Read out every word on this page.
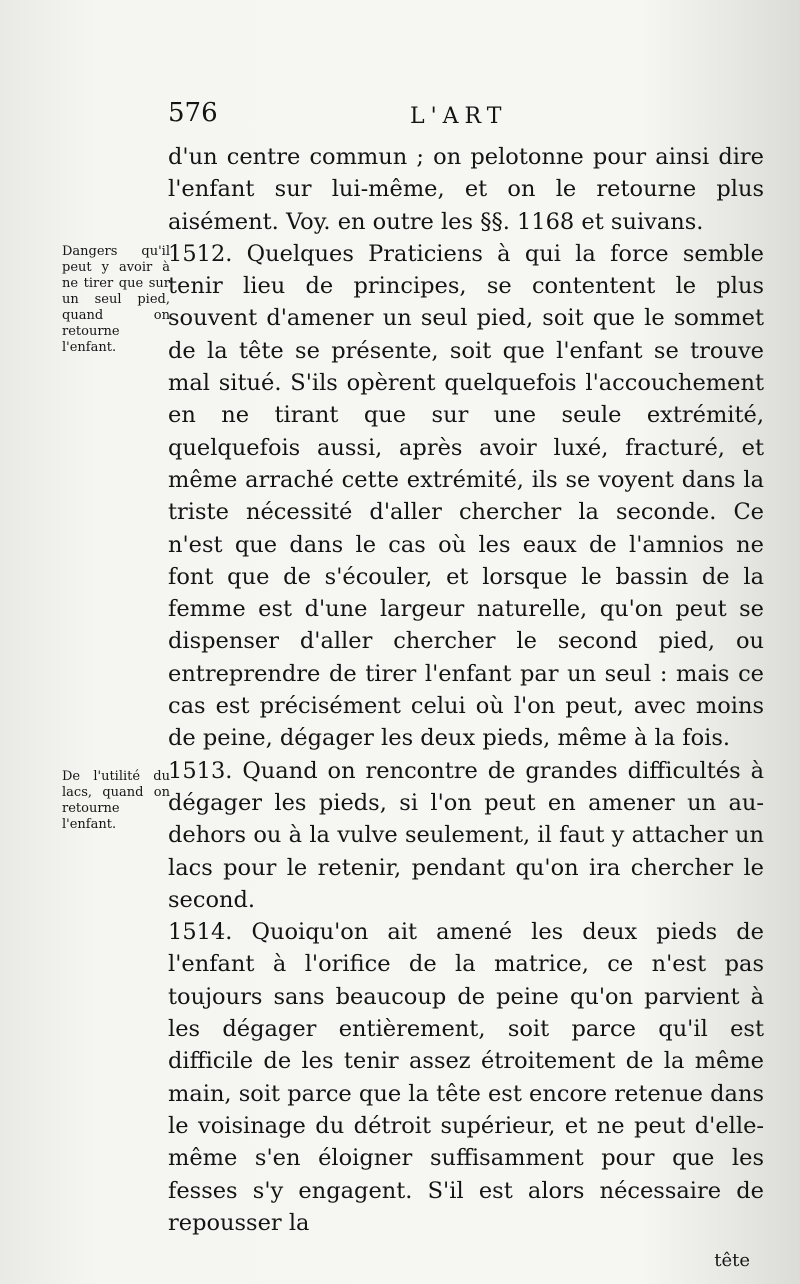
576	L'ART

d'un centre commun ; on pelotonne pour ainsi dire l'enfant sur lui-même, et on le retourne plus aisément. Voy. en outre les §§. 1168 et suivans.

1512. Quelques Praticiens à qui la force semble tenir lieu de principes, se contentent le plus souvent d'amener un seul pied, soit que le sommet de la tête se présente, soit que l'enfant se trouve mal situé. S'ils opèrent quelquefois l'accouchement en ne tirant que sur une seule extrémité, quelquefois aussi, après avoir luxé, fracturé, et même arraché cette extrémité, ils se voyent dans la triste nécessité d'aller chercher la seconde. Ce n'est que dans le cas où les eaux de l'amnios ne font que de s'écouler, et lorsque le bassin de la femme est d'une largeur naturelle, qu'on peut se dispenser d'aller chercher le second pied, ou entreprendre de tirer l'enfant par un seul : mais ce cas est précisément celui où l'on peut, avec moins de peine, dégager les deux pieds, même à la fois.

1513. Quand on rencontre de grandes difficultés à dégager les pieds, si l'on peut en amener un au-dehors ou à la vulve seulement, il faut y attacher un lacs pour le retenir, pendant qu'on ira chercher le second.

1514. Quoiqu'on ait amené les deux pieds de l'enfant à l'orifice de la matrice, ce n'est pas toujours sans beaucoup de peine qu'on parvient à les dégager entièrement, soit parce qu'il est difficile de les tenir assez étroitement de la même main, soit parce que la tête est encore retenue dans le voisinage du détroit supérieur, et ne peut d'elle-même s'en éloigner suffisamment pour que les fesses s'y engagent. S'il est alors nécessaire de repousser la

Dangers qu'il peut y avoir à ne tirer que sur un seul pied, quand on retourne l'enfant.
De l'utilité du lacs, quand on retourne l'enfant.
tête
